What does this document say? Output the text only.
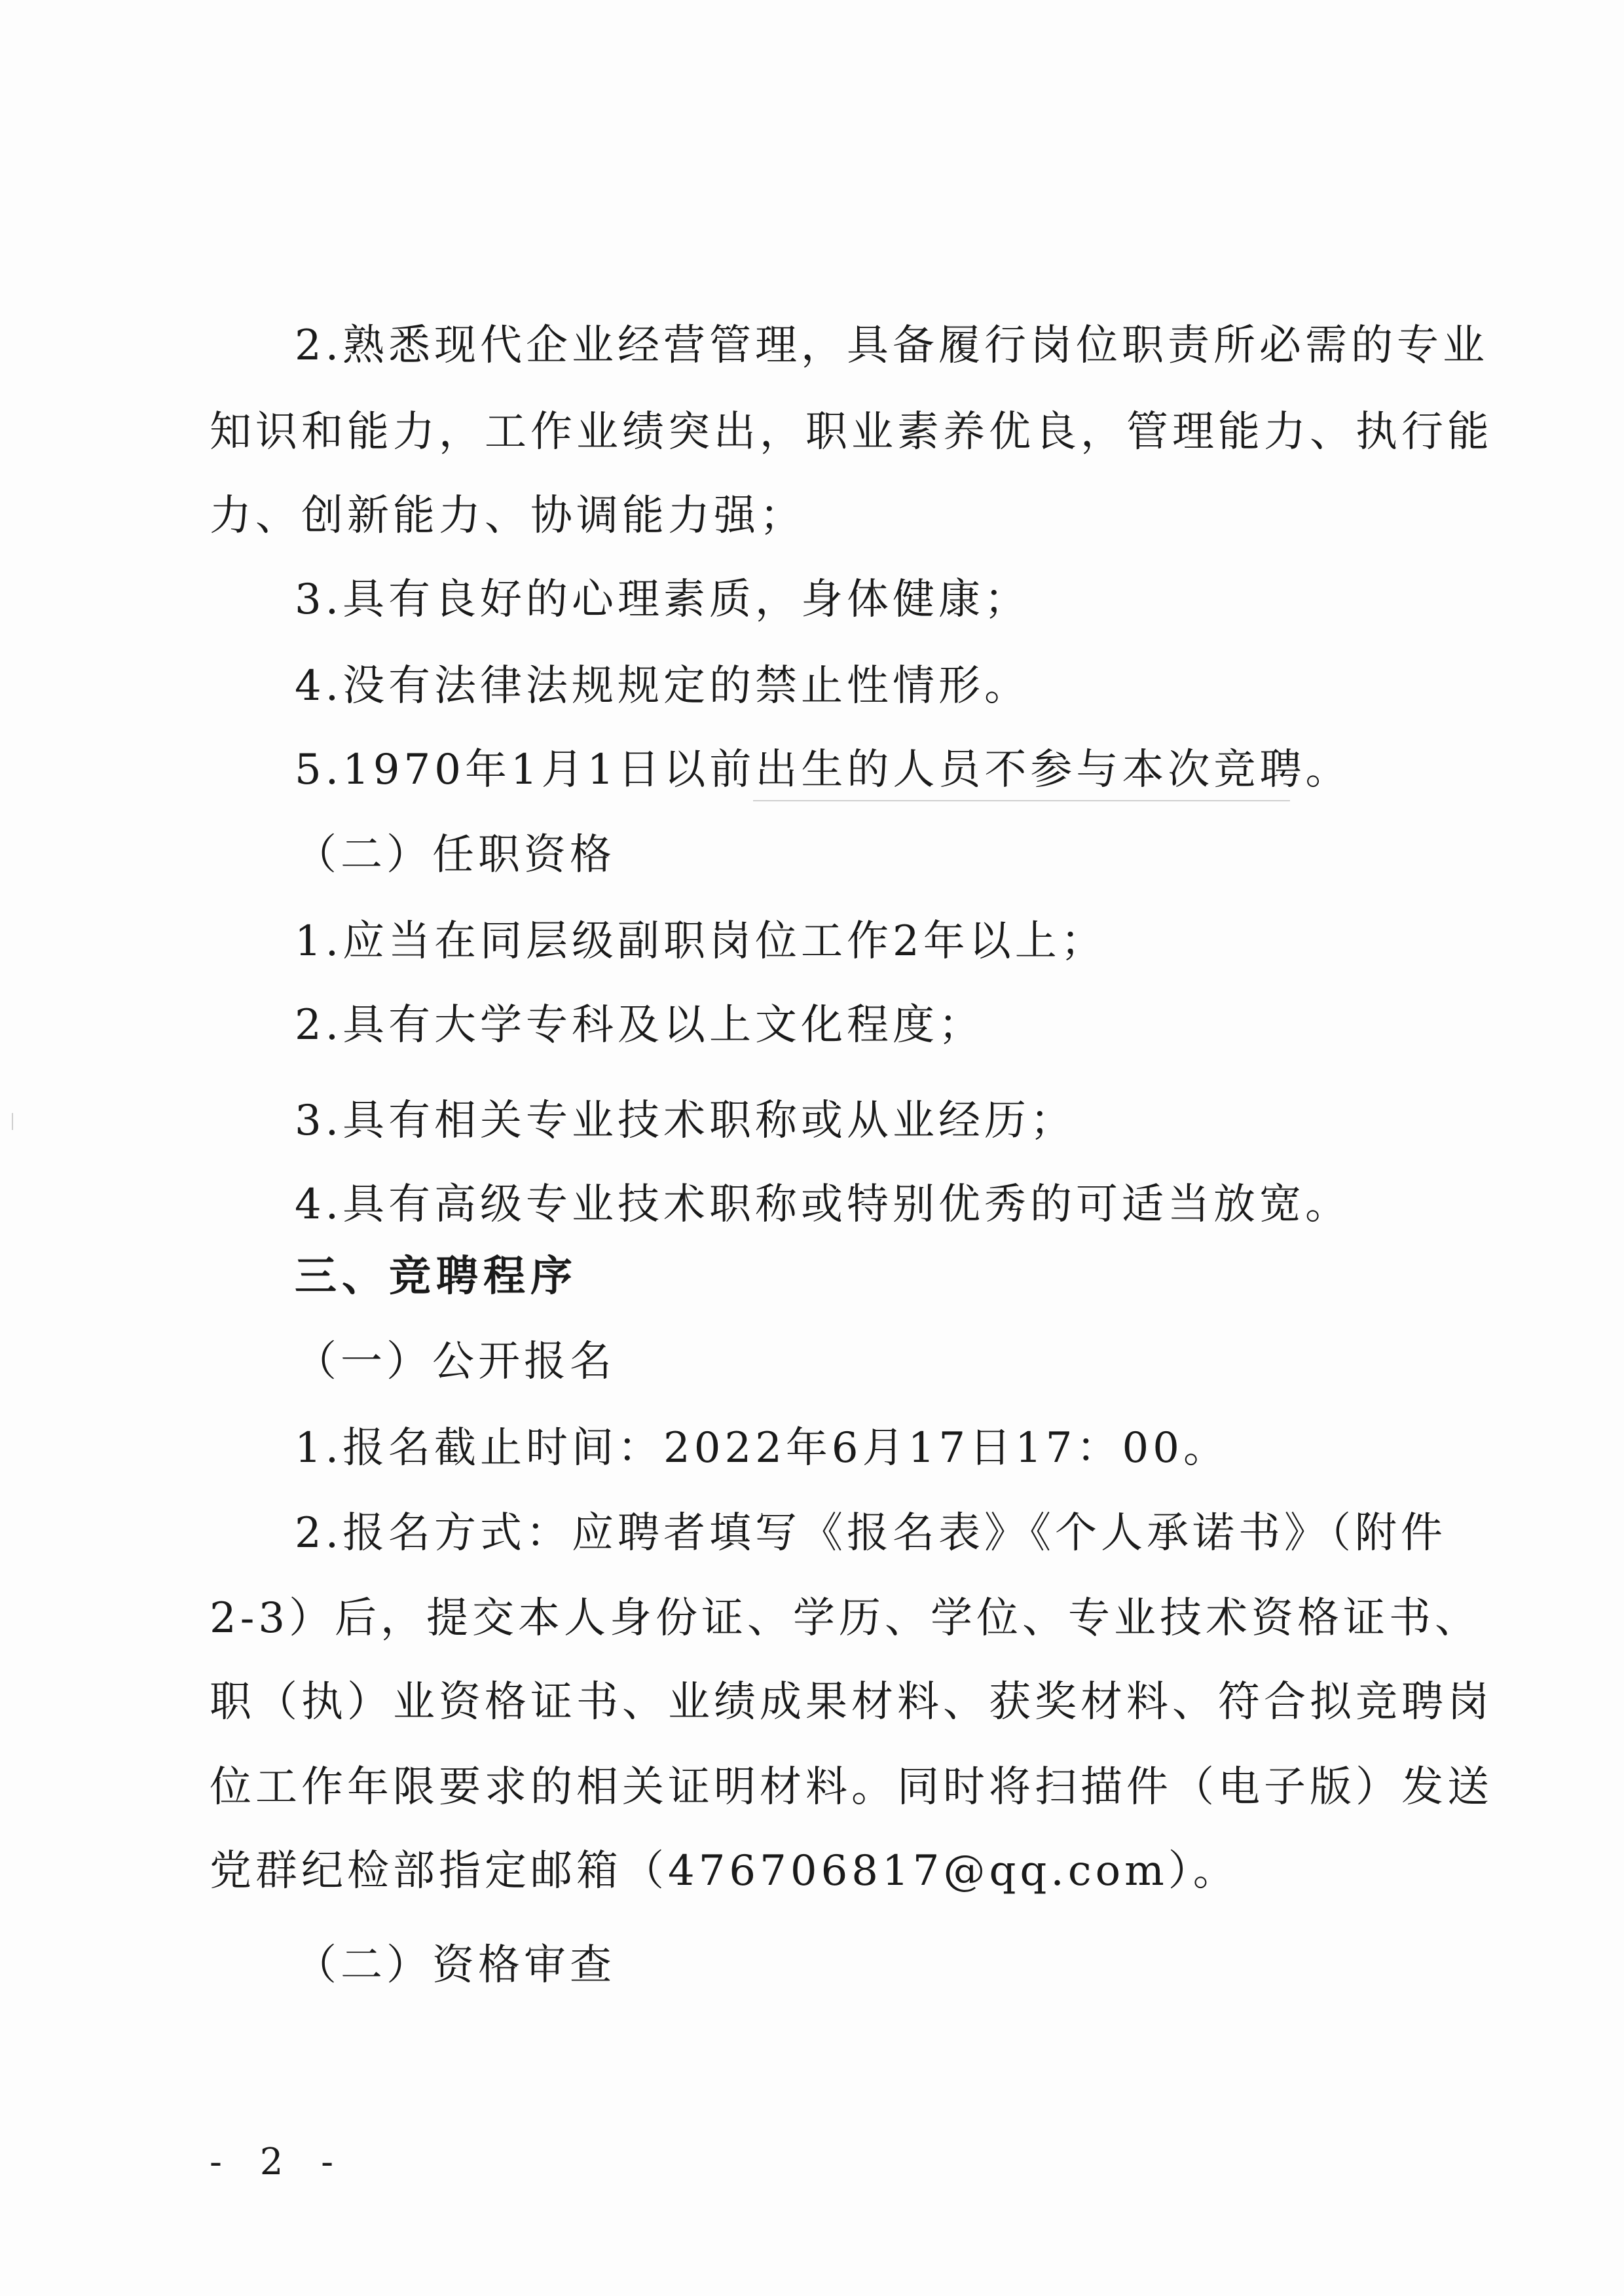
2.熟悉现代企业经营管理，具备履行岗位职责所必需的专业
知识和能力，工作业绩突出，职业素养优良，管理能力、执行能
力、创新能力、协调能力强；
3.具有良好的心理素质，身体健康；
4.没有法律法规规定的禁止性情形。
5.1970年1月1日以前出生的人员不参与本次竞聘。
（二）任职资格
1.应当在同层级副职岗位工作2年以上；
2.具有大学专科及以上文化程度；
3.具有相关专业技术职称或从业经历；
4.具有高级专业技术职称或特别优秀的可适当放宽。
三、竞聘程序
（一）公开报名
1.报名截止时间：2022年6月17日17：00。
2.报名方式：应聘者填写《报名表》《个人承诺书》（附件
2-3）后，提交本人身份证、学历、学位、专业技术资格证书、
职（执）业资格证书、业绩成果材料、获奖材料、符合拟竞聘岗
位工作年限要求的相关证明材料。同时将扫描件（电子版）发送
党群纪检部指定邮箱（476706817@qq.com）。
（二）资格审查
- 2 -
